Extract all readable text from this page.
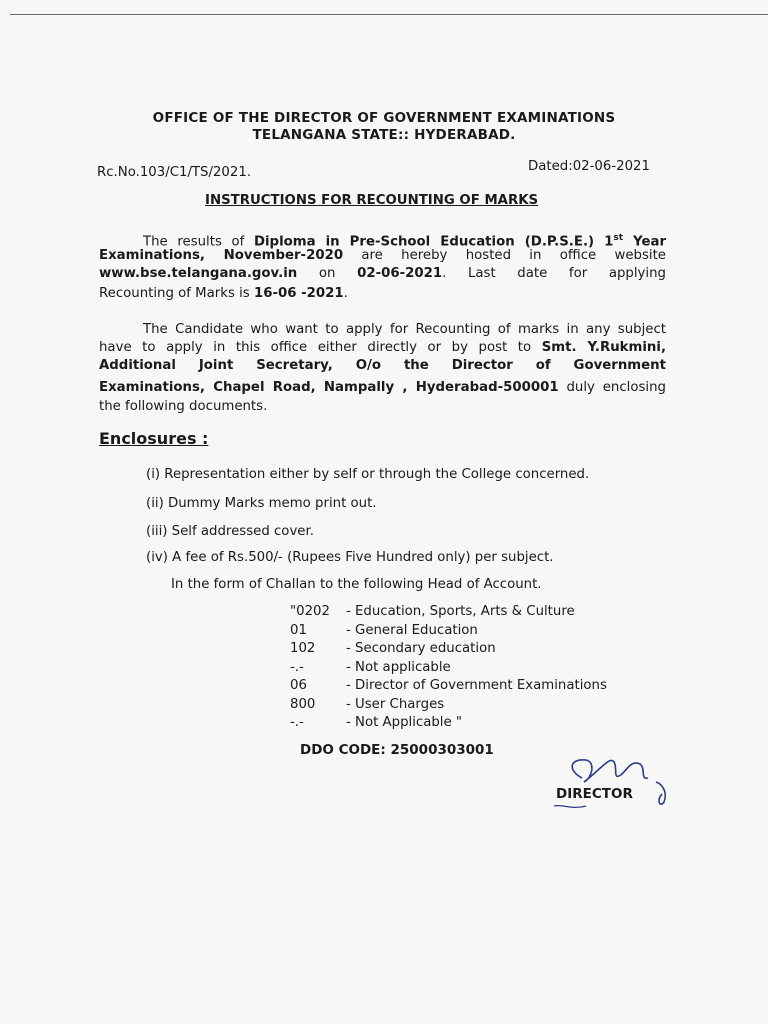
OFFICE OF THE DIRECTOR OF GOVERNMENT EXAMINATIONS
TELANGANA STATE:: HYDERABAD.
Rc.No.103/C1/TS/2021.	Dated:02-06-2021
INSTRUCTIONS FOR RECOUNTING OF MARKS
The results of Diploma in Pre-School Education (D.P.S.E.) 1st Year
Examinations, November-2020 are hereby hosted in office website
www.bse.telangana.gov.in on 02-06-2021. Last date for applying
Recounting of Marks is 16-06 -2021.
The Candidate who want to apply for Recounting of marks in any subject
have to apply in this office either directly or by post to Smt. Y.Rukmini,
Additional Joint Secretary, O/o the Director of Government
Examinations, Chapel Road, Nampally , Hyderabad-500001 duly enclosing
the following documents.
Enclosures :
(i) Representation either by self or through the College concerned.
(ii) Dummy Marks memo print out.
(iii) Self addressed cover.
(iv) A fee of Rs.500/- (Rupees Five Hundred only) per subject.
In the form of Challan to the following Head of Account.
"0202 - Education, Sports, Arts & Culture
01	- General Education
102 - Secondary education
-.-	- Not applicable
06	- Director of Government Examinations
800 - User Charges
-.-	- Not Applicable "
DDO CODE: 25000303001
DIRECTOR
